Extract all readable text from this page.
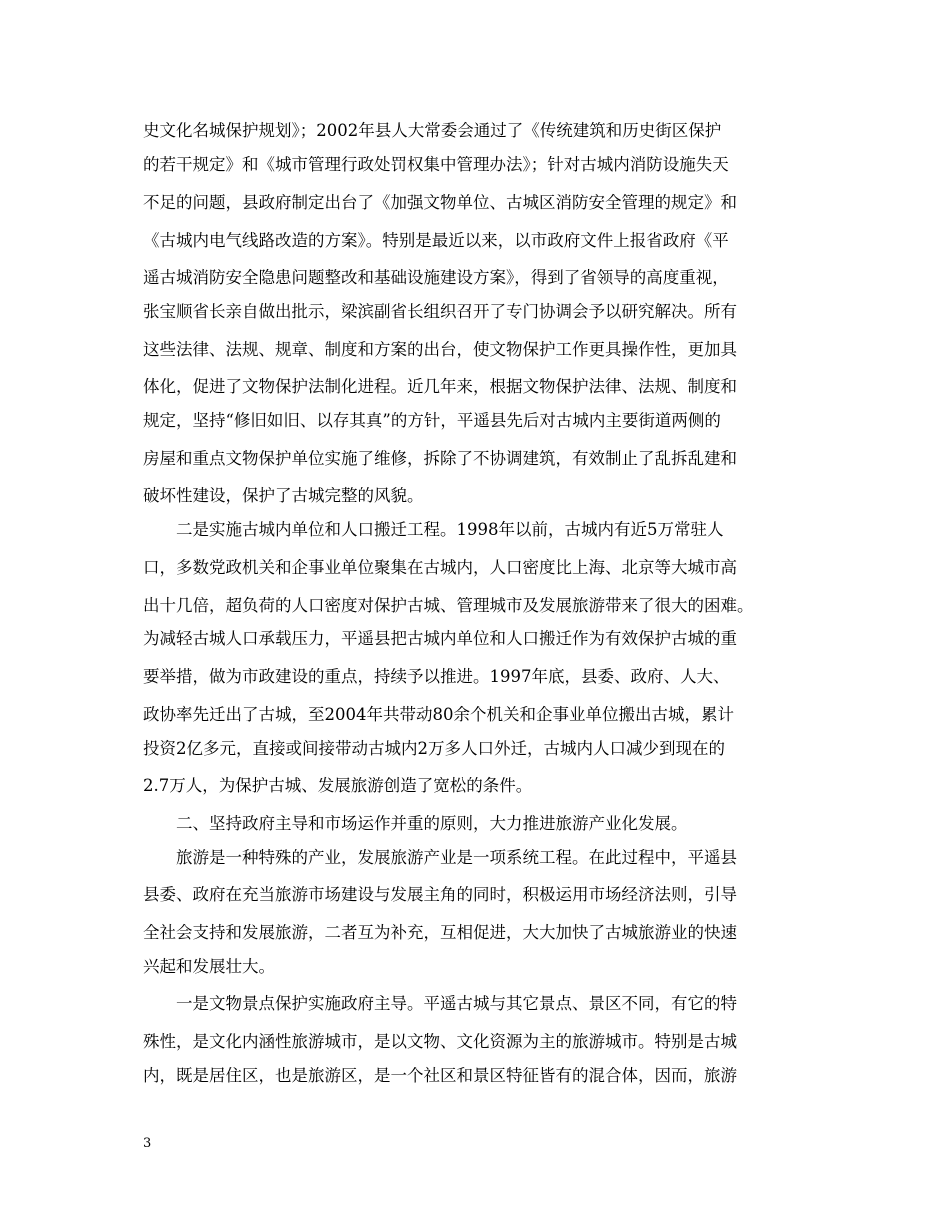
史文化名城保护规划》；2002年县人大常委会通过了《传统建筑和历史街区保护
的若干规定》和《城市管理行政处罚权集中管理办法》；针对古城内消防设施失天
不足的问题，县政府制定出台了《加强文物单位、古城区消防安全管理的规定》和
《古城内电气线路改造的方案》。特别是最近以来，以市政府文件上报省政府《平
遥古城消防安全隐患问题整改和基础设施建设方案》，得到了省领导的高度重视，
张宝顺省长亲自做出批示，梁滨副省长组织召开了专门协调会予以研究解决。所有
这些法律、法规、规章、制度和方案的出台，使文物保护工作更具操作性，更加具
体化，促进了文物保护法制化进程。近几年来，根据文物保护法律、法规、制度和
规定，坚持“修旧如旧、以存其真”的方针，平遥县先后对古城内主要街道两侧的
房屋和重点文物保护单位实施了维修，拆除了不协调建筑，有效制止了乱拆乱建和
破坏性建设，保护了古城完整的风貌。
　　二是实施古城内单位和人口搬迁工程。1998年以前，古城内有近5万常驻人
口，多数党政机关和企事业单位聚集在古城内，人口密度比上海、北京等大城市高
出十几倍，超负荷的人口密度对保护古城、管理城市及发展旅游带来了很大的困难。
为减轻古城人口承载压力，平遥县把古城内单位和人口搬迁作为有效保护古城的重
要举措，做为市政建设的重点，持续予以推进。1997年底，县委、政府、人大、
政协率先迁出了古城，至2004年共带动80余个机关和企事业单位搬出古城，累计
投资2亿多元，直接或间接带动古城内2万多人口外迁，古城内人口减少到现在的
2.7万人，为保护古城、发展旅游创造了宽松的条件。
　　二、坚持政府主导和市场运作并重的原则，大力推进旅游产业化发展。
　　旅游是一种特殊的产业，发展旅游产业是一项系统工程。在此过程中，平遥县
县委、政府在充当旅游市场建设与发展主角的同时，积极运用市场经济法则，引导
全社会支持和发展旅游，二者互为补充，互相促进，大大加快了古城旅游业的快速
兴起和发展壮大。
　　一是文物景点保护实施政府主导。平遥古城与其它景点、景区不同，有它的特
殊性，是文化内涵性旅游城市，是以文物、文化资源为主的旅游城市。特别是古城
内，既是居住区，也是旅游区，是一个社区和景区特征皆有的混合体，因而，旅游
3
